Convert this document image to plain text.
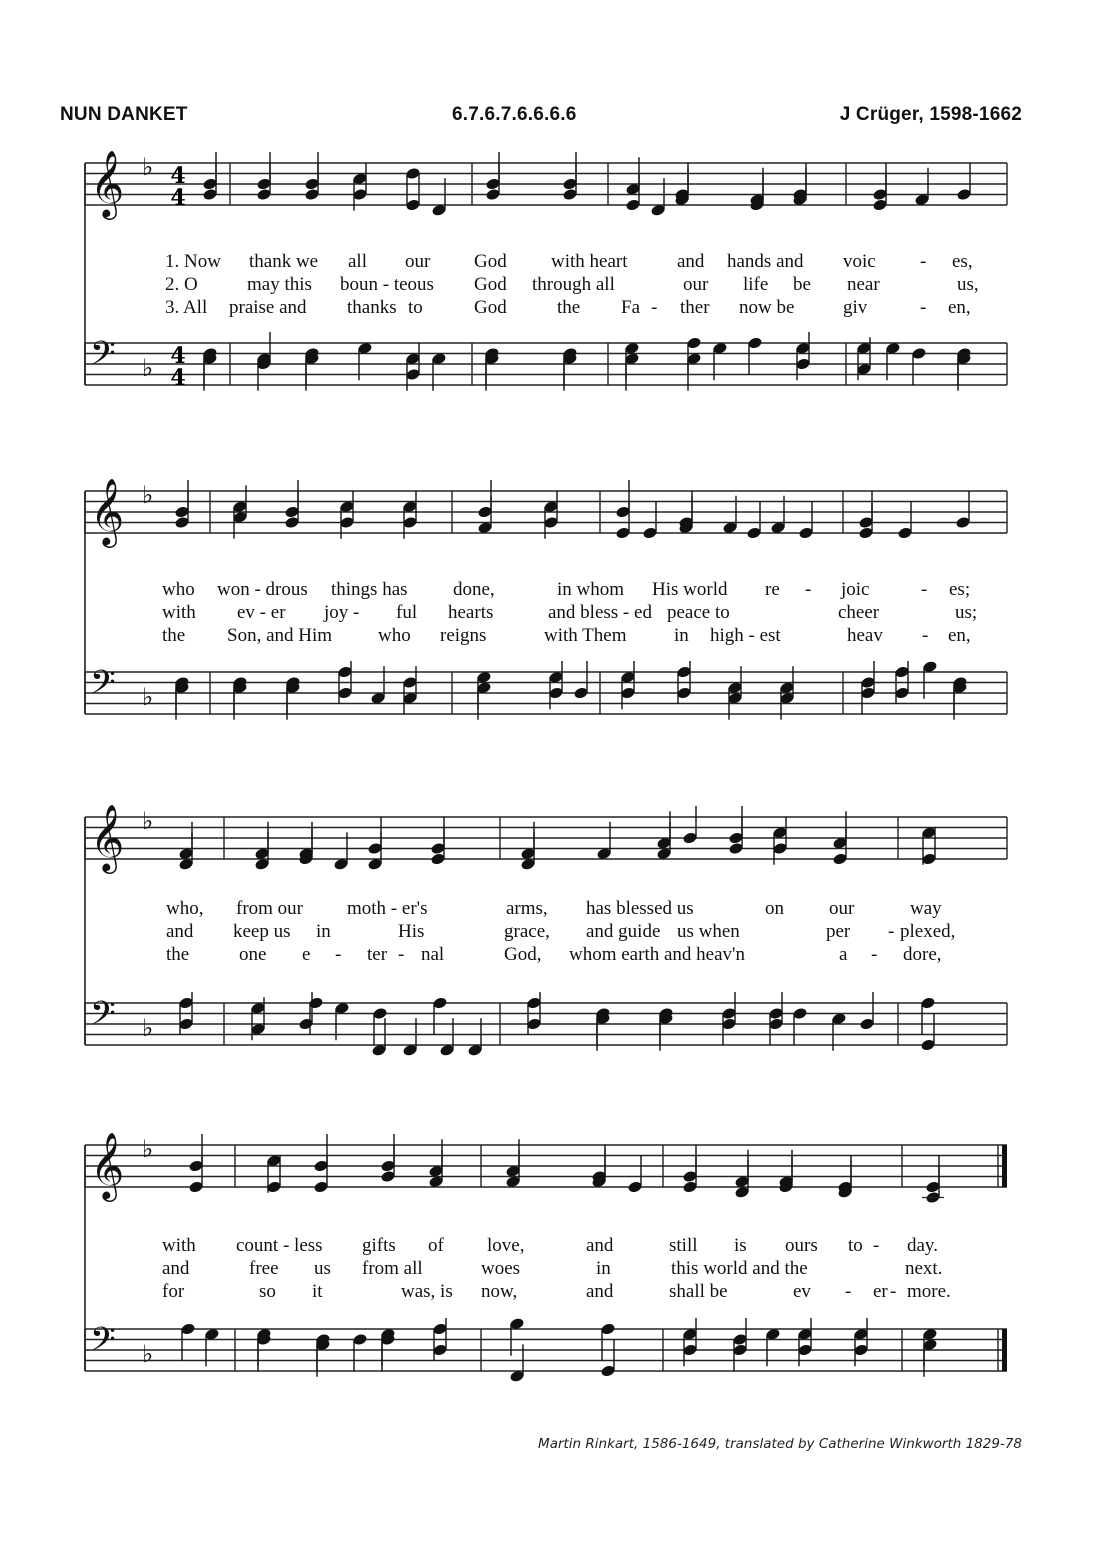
NUN DANKET	6.7.6.7.6.6.6.6	J Crüger, 1598-1662
𝄞 ♭ 4
4
𝄢 ♭ 4
4
𝄞 ♭
𝄢 ♭
𝄞 ♭
𝄢 ♭
𝄞 ♭
𝄢 ♭
1. Now thank we all our God with heart	and hands and voic - es,
2. O	may this boun - teous God through all	our life be near	us,
3. All praise and thanks to	God	the Fa - ther now be	giv	- en,
who won - drous things has done,	in whom His world re - joic	- es;
with ev - er joy - ful hearts	and bless - ed peace to	cheer	us;
the Son, and Him who reigns	with Them in high - est	heav - en,
who, from our moth - er's	arms, has blessed us	on our	way
and keep us in	His	grace, and guide us when	per - plexed,
the	one e - ter - nal	God, whom earth and heav'n	a - dore,
with count - less gifts of love,	and	still is ours to - day.
and	free us from all	woes	in	this world and the	next.
for	so it	was, is now,	and	shall be	ev - er - more.
Martin Rinkart, 1586-1649, translated by Catherine Winkworth 1829-78
